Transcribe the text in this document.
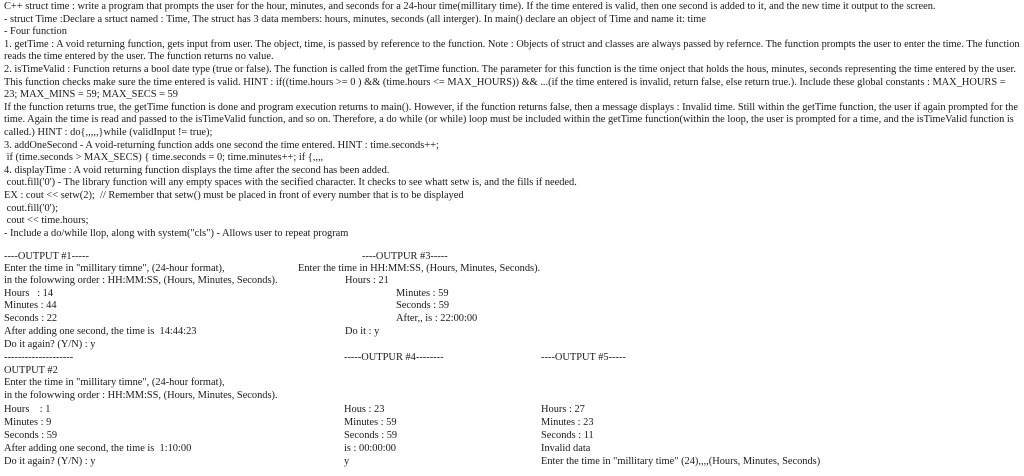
C++ struct time : write a program that prompts the user for the hour, minutes, and seconds for a 24-hour time(millitary time). If the time entered is valid, then one second is added to it, and the new time it output to the screen.
- struct Time :Declare a srtuct named : Time, The struct has 3 data members: hours, minutes, seconds (all interger). In main() declare an object of Time and name it: time
- Four function
1. getTime : A void returning function, gets input from user. The object, time, is passed by reference to the function. Note : Objects of struct and classes are always passed by refernce. The function prompts the user to enter the time. The function reads the time entered by the user. The function returns no value.
2. isTimeValid : Function returns a bool date type (true or false). The function is called from the getTime function. The parameter for this function is the time onject that holds the hous, minutes, seconds representing the time entered by the user. This function checks make sure the time entered is valid. HINT : if((time.hours >= 0 ) && (time.hours <= MAX_HOURS)) && ...(if the time entered is invalid, return false, else return true.). Include these global constants : MAX_HOURS = 23; MAX_MINS = 59; MAX_SECS = 59
If the function returns true, the getTime function is done and program execution returns to main(). However, if the function returns false, then a message displays : Invalid time. Still within the getTime function, the user if again prompted for the time. Again the time is read and passed to the isTimeValid function, and so on. Therefore, a do while (or while) loop must be included within the getTime function(within the loop, the user is prompted for a time, and the isTimeValid function is called.) HINT : do{,,,,,}while (validInput != true);
3. addOneSecond - A void-returning function adds one second the time entered. HINT : time.seconds++;
if (time.seconds > MAX_SECS) { time.seconds = 0; time.minutes++; if {,,,,
4. displayTime : A void returning function displays the time after the second has been added.
cout.fill('0') - The library function will any empty spaces with the secified character. It checks to see whatt setw is, and the fills if needed.
EX : cout << setw(2);  // Remember that setw() must be placed in front of every number that is to be displayed
cout.fill('0');
cout << time.hours;
- Include a do/while llop, along with system("cls") - Allows user to repeat program
----OUTPUT #1-----
Enter the time in "millitary timne", (24-hour format),
in the folowwing order : HH:MM:SS, (Hours, Minutes, Seconds).
Hours   : 14
Minutes : 44
Seconds : 22
After adding one second, the time is  14:44:23
Do it again? (Y/N) : y
--------------------
OUTPUT #2
Enter the time in "millitary timne", (24-hour format),
in the folowwing order : HH:MM:SS, (Hours, Minutes, Seconds).
Hours    : 1
Minutes : 9
Seconds : 59
After adding one second, the time is  1:10:00
Do it again? (Y/N) : y
----OUTPUR #3-----
Enter the time in HH:MM:SS, (Hours, Minutes, Seconds).
Hours : 21
Minutes : 59
Seconds : 59
After,, is : 22:00:00
Do it : y
-----OUTPUR #4--------
Hous : 23
Minutes : 59
Seconds : 59
is : 00:00:00
y
----OUTPUT #5-----
Hours : 27
Minutes : 23
Seconds : 11
Invalid data
Enter the time in "millitary time" (24),,,,(Hours, Minutes, Seconds)
